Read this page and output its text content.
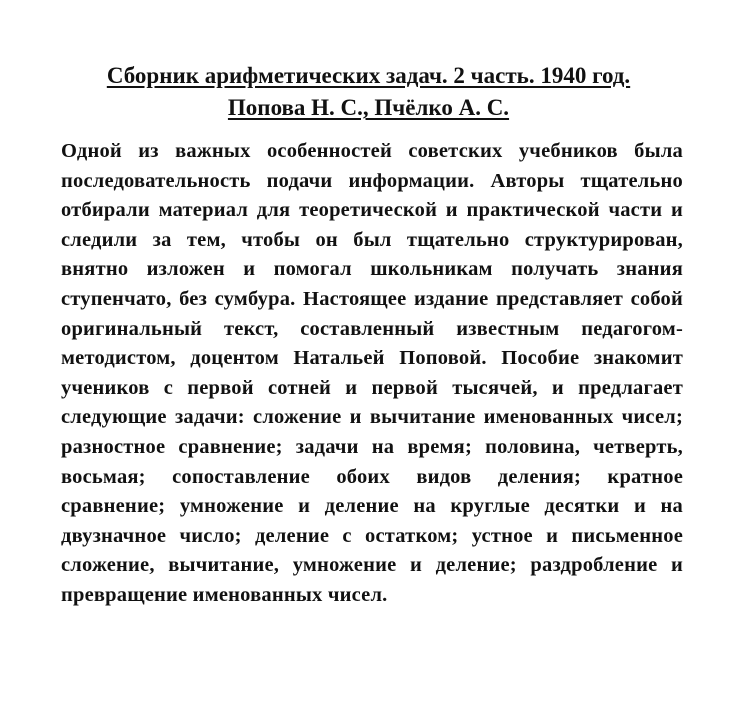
Сборник арифметических задач. 2 часть. 1940 год.
Попова Н. С., Пчёлко А. С.

Одной из важных особенностей советских учебников была последовательность подачи информации. Авторы тщательно отбирали материал для теоретической и практической части и следили за тем, чтобы он был тщательно структурирован, внятно изложен и помогал школьникам получать знания ступенчато, без сумбура. Настоящее издание представляет собой оригинальный текст, составленный известным педагогом-методистом, доцентом Натальей Поповой. Пособие знакомит учеников с первой сотней и первой тысячей, и предлагает следующие задачи: сложение и вычитание именованных чисел; разностное сравнение; задачи на время; половина, четверть, восьмая; сопоставление обоих видов деления; кратное сравнение; умножение и деление на круглые десятки и на двузначное число; деление с остатком; устное и письменное сложение, вычитание, умножение и деление; раздробление и превращение именованных чисел.
